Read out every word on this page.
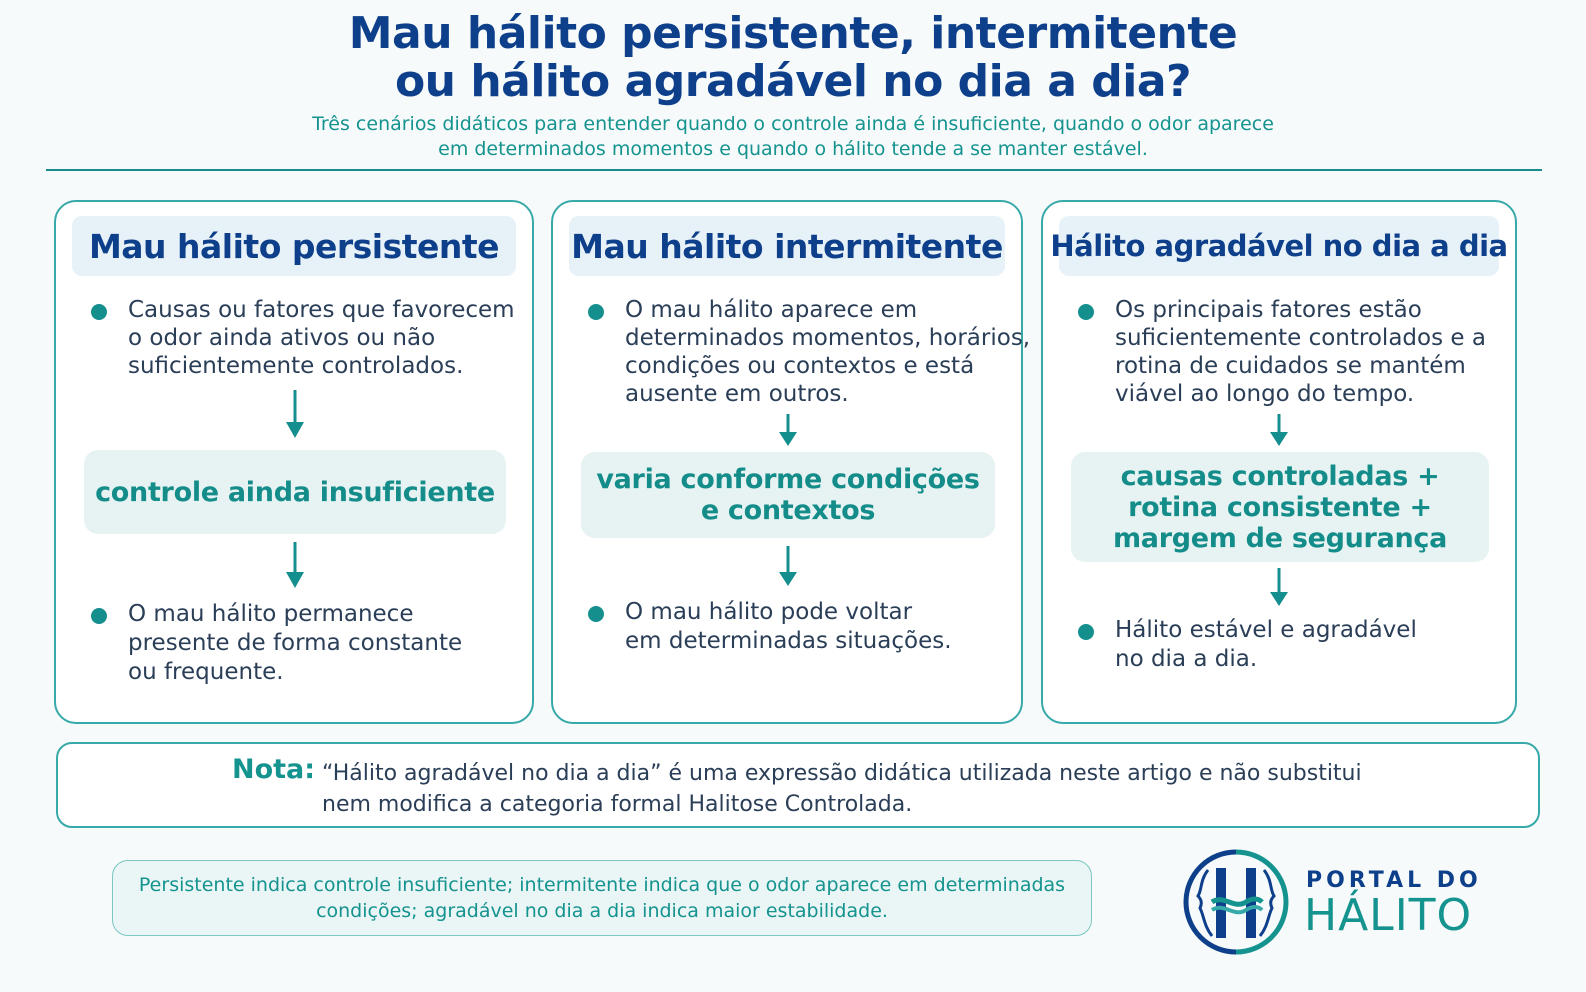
Mau hálito persistente, intermitente
ou hálito agradável no dia a dia?
Três cenários didáticos para entender quando o controle ainda é insuficiente, quando o odor aparece
em determinados momentos e quando o hálito tende a se manter estável.
Mau hálito persistente
Causas ou fatores que favorecem
o odor ainda ativos ou não
suficientemente controlados.
controle ainda insuficiente
O mau hálito permanece
presente de forma constante
ou frequente.
Mau hálito intermitente
O mau hálito aparece em
determinados momentos, horários,
condições ou contextos e está
ausente em outros.
varia conforme condições
e contextos
O mau hálito pode voltar
em determinadas situações.
Hálito agradável no dia a dia
Os principais fatores estão
suficientemente controlados e a
rotina de cuidados se mantém
viável ao longo do tempo.
causas controladas +
rotina consistente +
margem de segurança
Hálito estável e agradável
no dia a dia.
Nota: “Hálito agradável no dia a dia” é uma expressão didática utilizada neste artigo e não substitui
nem modifica a categoria formal Halitose Controlada.
Persistente indica controle insuficiente; intermitente indica que o odor aparece em determinadas
condições; agradável no dia a dia indica maior estabilidade.
PORTAL DO
HÁLITO
